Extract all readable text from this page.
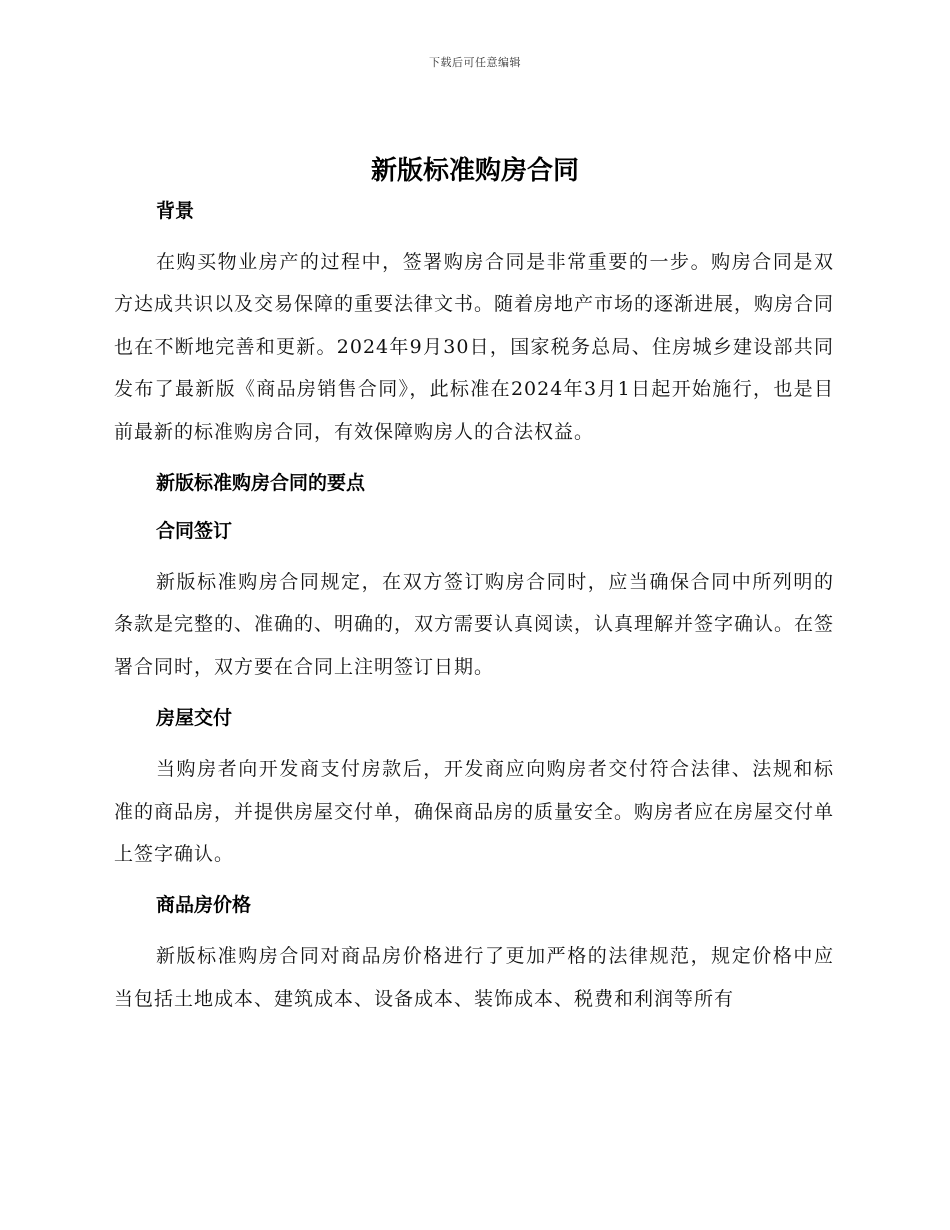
下载后可任意编辑
新版标准购房合同
背景

在购买物业房产的过程中，签署购房合同是非常重要的一步。购房合同是双方达成共识以及交易保障的重要法律文书。随着房地产市场的逐渐进展，购房合同也在不断地完善和更新。2024年9月30日，国家税务总局、住房城乡建设部共同发布了最新版《商品房销售合同》，此标准在2024年3月1日起开始施行，也是目前最新的标准购房合同，有效保障购房人的合法权益。

新版标准购房合同的要点
合同签订

新版标准购房合同规定，在双方签订购房合同时，应当确保合同中所列明的条款是完整的、准确的、明确的，双方需要认真阅读，认真理解并签字确认。在签署合同时，双方要在合同上注明签订日期。

房屋交付

当购房者向开发商支付房款后，开发商应向购房者交付符合法律、法规和标准的商品房，并提供房屋交付单，确保商品房的质量安全。购房者应在房屋交付单上签字确认。

商品房价格

新版标准购房合同对商品房价格进行了更加严格的法律规范，规定价格中应当包括土地成本、建筑成本、设备成本、装饰成本、税费和利润等所有
